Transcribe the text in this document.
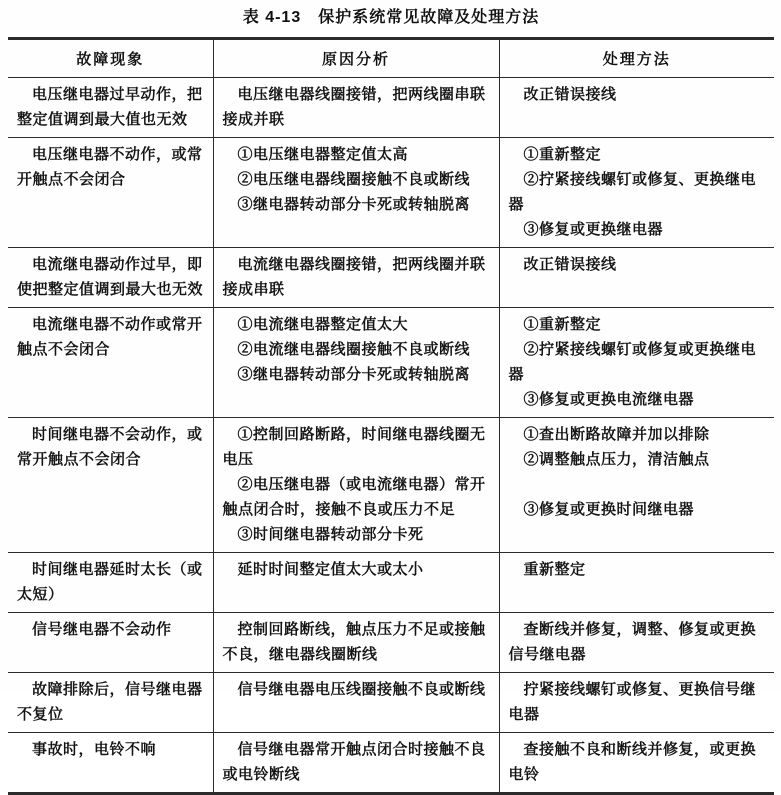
表 4-13　保护系统常见故障及处理方法
故障现象	原因分析	处理方法

电压继电器过早动作，把整定值调到最大值也无效	电压继电器线圈接错，把两线圈串联接成并联	改正错误接线

电压继电器不动作，或常开触点不会闭合

①电压继电器整定值太高
②电压继电器线圈接触不良或断线
③继电器转动部分卡死或转轴脱离

①重新整定
②拧紧接线螺钉或修复、更换继电器
③修复或更换继电器

电流继电器动作过早，即使把整定值调到最大也无效	电流继电器线圈接错，把两线圈并联接成串联	改正错误接线

电流继电器不动作或常开触点不会闭合

①电流继电器整定值太大
②电流继电器线圈接触不良或断线
③继电器转动部分卡死或转轴脱离

①重新整定
②拧紧接线螺钉或修复或更换继电器
③修复或更换电流继电器

时间继电器不会动作，或常开触点不会闭合

①控制回路断路，时间继电器线圈无电压
②电压继电器（或电流继电器）常开触点闭合时，接触不良或压力不足
③时间继电器转动部分卡死

①查出断路故障并加以排除
②调整触点压力，清洁触点
③修复或更换时间继电器

时间继电器延时太长（或太短）	延时时间整定值太大或太小	重新整定

信号继电器不会动作	控制回路断线，触点压力不足或接触不良，继电器线圈断线	查断线并修复，调整、修复或更换信号继电器

故障排除后，信号继电器不复位	信号继电器电压线圈接触不良或断线	拧紧接线螺钉或修复、更换信号继电器

事故时，电铃不响	信号继电器常开触点闭合时接触不良或电铃断线	查接触不良和断线并修复，或更换电铃
